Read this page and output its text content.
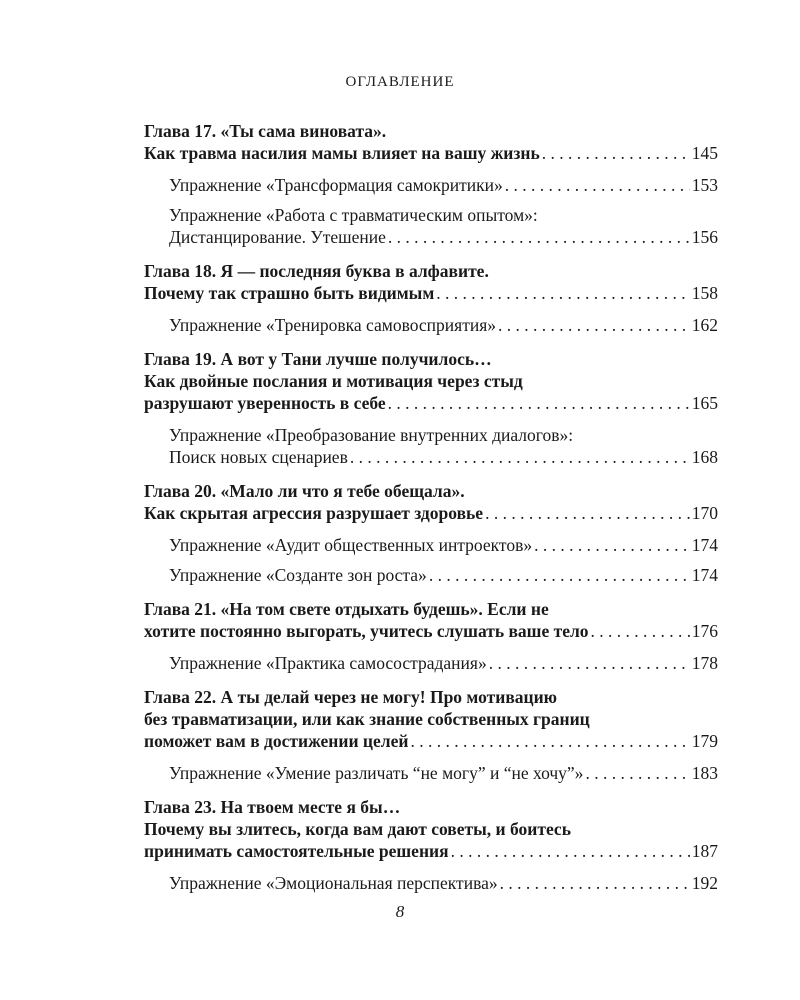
ОГЛАВЛЕНИЕ
Глава 17. «Ты сама виновата».
Как травма насилия мамы влияет на вашу жизнь . . .	145
Упражнение «Трансформация самокритики» . . .	153
Упражнение «Работа с травматическим опытом»:
Дистанцирование. Утешение . . .	156
Глава 18. Я — последняя буква в алфавите.
Почему так страшно быть видимым . . .	158
Упражнение «Тренировка самовосприятия» . . .	162
Глава 19. А вот у Тани лучше получилось…
Как двойные послания и мотивация через стыд
разрушают уверенность в себе . . .	165
Упражнение «Преобразование внутренних диалогов»:
Поиск новых сценариев . . .	168
Глава 20. «Мало ли что я тебе обещала».
Как скрытая агрессия разрушает здоровье . . .	170
Упражнение «Аудит общественных интроектов» . . .	174
Упражнение «Созданте зон роста» . . .	174
Глава 21. «На том свете отдыхать будешь». Если не
хотите постоянно выгорать, учитесь слушать ваше тело . . .	176
Упражнение «Практика самосострадания» . . .	178
Глава 22. А ты делай через не могу! Про мотивацию
без травматизации, или как знание собственных границ
поможет вам в достижении целей . . .	179
Упражнение «Умение различать “не могу” и “не хочу”» . . .	183
Глава 23. На твоем месте я бы…
Почему вы злитесь, когда вам дают советы, и боитесь
принимать самостоятельные решения . . .	187
Упражнение «Эмоциональная перспектива» . . .	192
8
